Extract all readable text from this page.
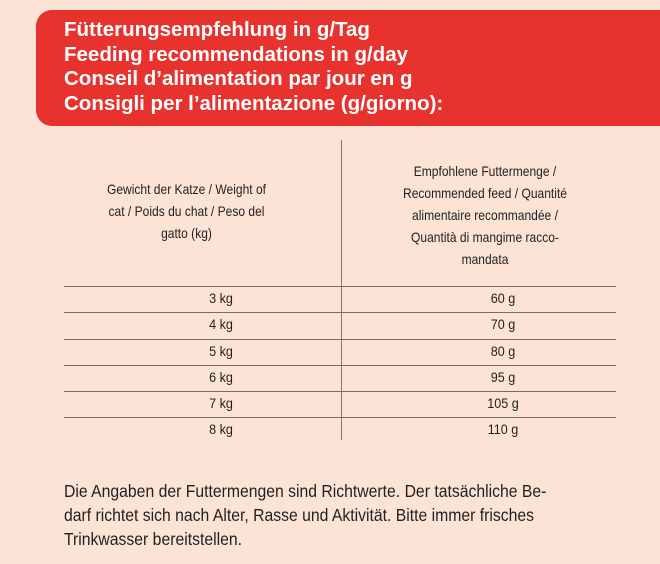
Fütterungsempfehlung in g/Tag
Feeding recommendations in g/day
Conseil d’alimentation par jour en g
Consigli per l’alimentazione (g/giorno):
Gewicht der Katze / Weight of
cat / Poids du chat / Peso del
gatto (kg)
Empfohlene Futtermenge /
Recommended feed / Quantité
alimentaire recommandée /
Quantità di mangime racco-
mandata
3 kg	60 g
4 kg	70 g
5 kg	80 g
6 kg	95 g
7 kg	105 g
8 kg	110 g
Die Angaben der Futtermengen sind Richtwerte. Der tatsächliche Be-
darf richtet sich nach Alter, Rasse und Aktivität. Bitte immer frisches
Trinkwasser bereitstellen.
